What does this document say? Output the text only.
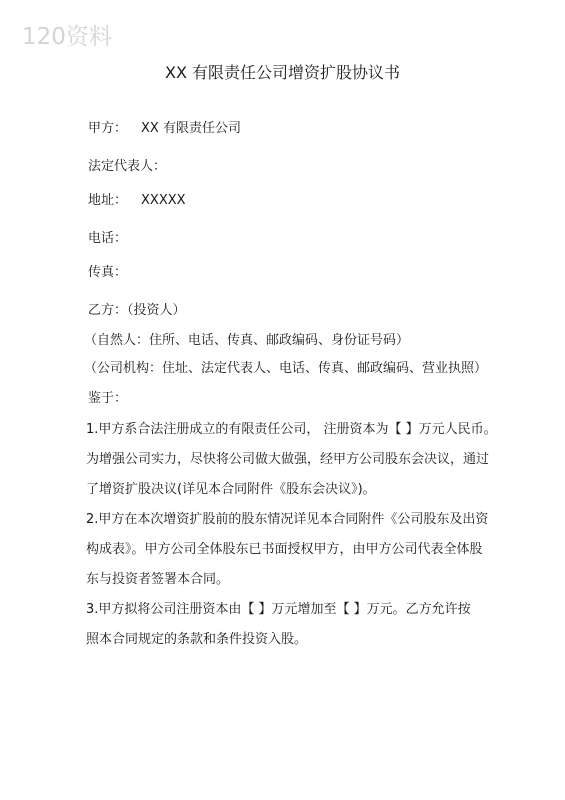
120资料
XX 有限责任公司增资扩股协议书
甲方： XX 有限责任公司
法定代表人：
地址： XXXXX
电话：
传真：
乙方：（投资人）
（自然人：住所、电话、传真、邮政编码、身份证号码）
（公司机构：住址、法定代表人、电话、传真、邮政编码、营业执照）
鉴于：
1.甲方系合法注册成立的有限责任公司， 注册资本为【 】万元人民币。
为增强公司实力，尽快将公司做大做强，经甲方公司股东会决议，通过
了增资扩股决议(详见本合同附件《股东会决议》)。
2.甲方在本次增资扩股前的股东情况详见本合同附件《公司股东及出资
构成表》。甲方公司全体股东已书面授权甲方，由甲方公司代表全体股
东与投资者签署本合同。
3.甲方拟将公司注册资本由【 】万元增加至【 】万元。乙方允许按
照本合同规定的条款和条件投资入股。
